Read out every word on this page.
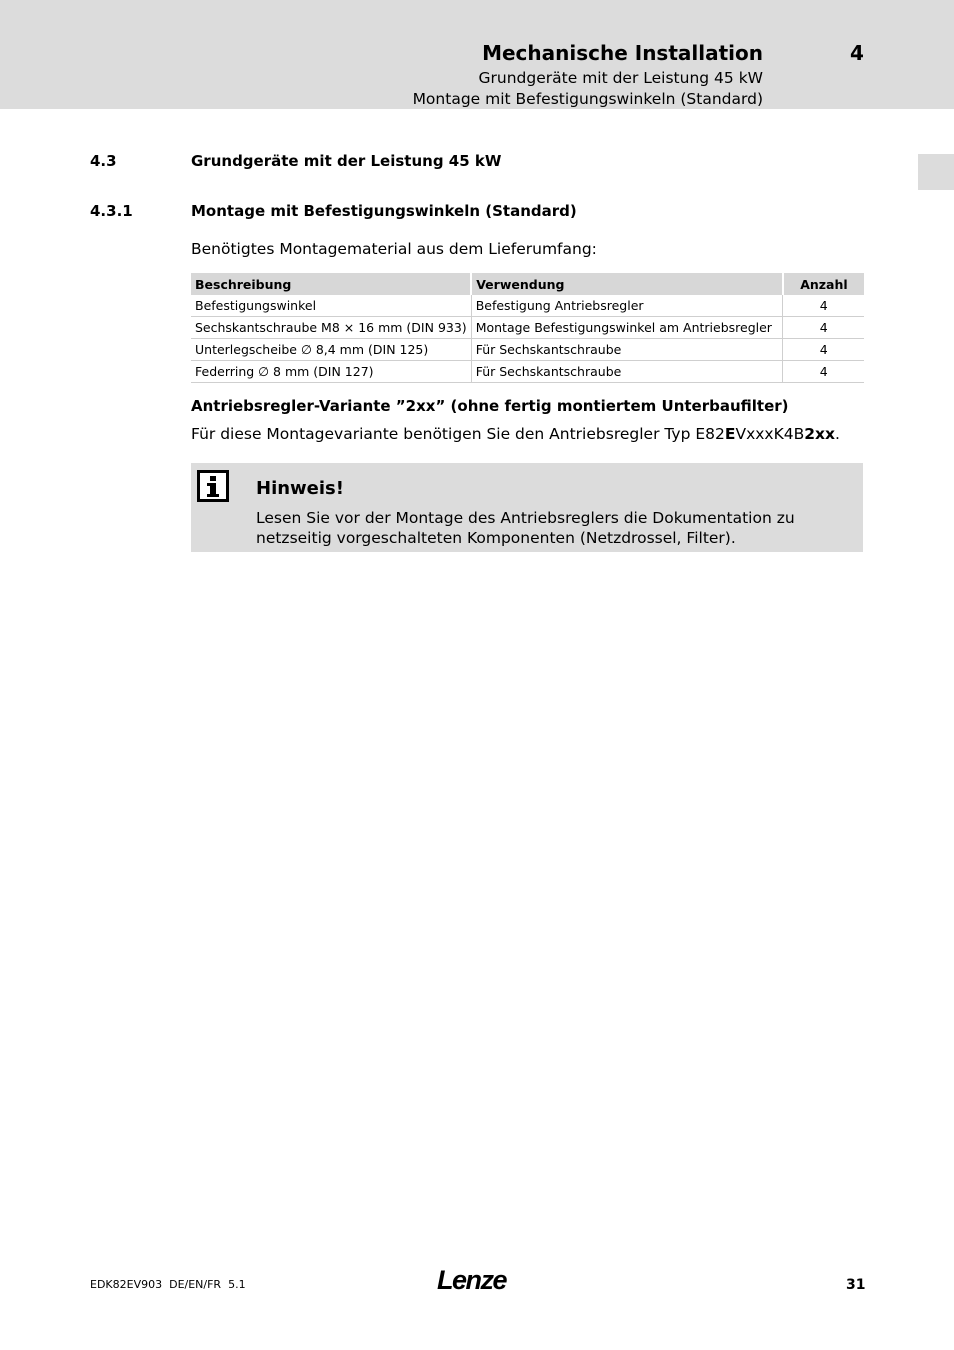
Mechanische Installation	4
Grundgeräte mit der Leistung 45 kW
Montage mit Befestigungswinkeln (Standard)
4.3	Grundgeräte mit der Leistung 45 kW
4.3.1	Montage mit Befestigungswinkeln (Standard)
Benötigtes Montagematerial aus dem Lieferumfang:
Beschreibung	Verwendung	Anzahl
Befestigungswinkel	Befestigung Antriebsregler	4
Sechskantschraube M8 × 16 mm (DIN 933)	Montage Befestigungswinkel am Antriebsregler	4
Unterlegscheibe ∅ 8,4 mm (DIN 125)	Für Sechskantschraube	4
Federring ∅ 8 mm (DIN 127)	Für Sechskantschraube	4
Antriebsregler-Variante ”2xx” (ohne fertig montiertem Unterbaufilter)
Für diese Montagevariante benötigen Sie den Antriebsregler Typ E82EVxxxK4B2xx.
Hinweis!
Lesen Sie vor der Montage des Antriebsreglers die Dokumentation zu netzseitig vorgeschalteten Komponenten (Netzdrossel, Filter).
EDK82EV903  DE/EN/FR  5.1	Lenze	31
